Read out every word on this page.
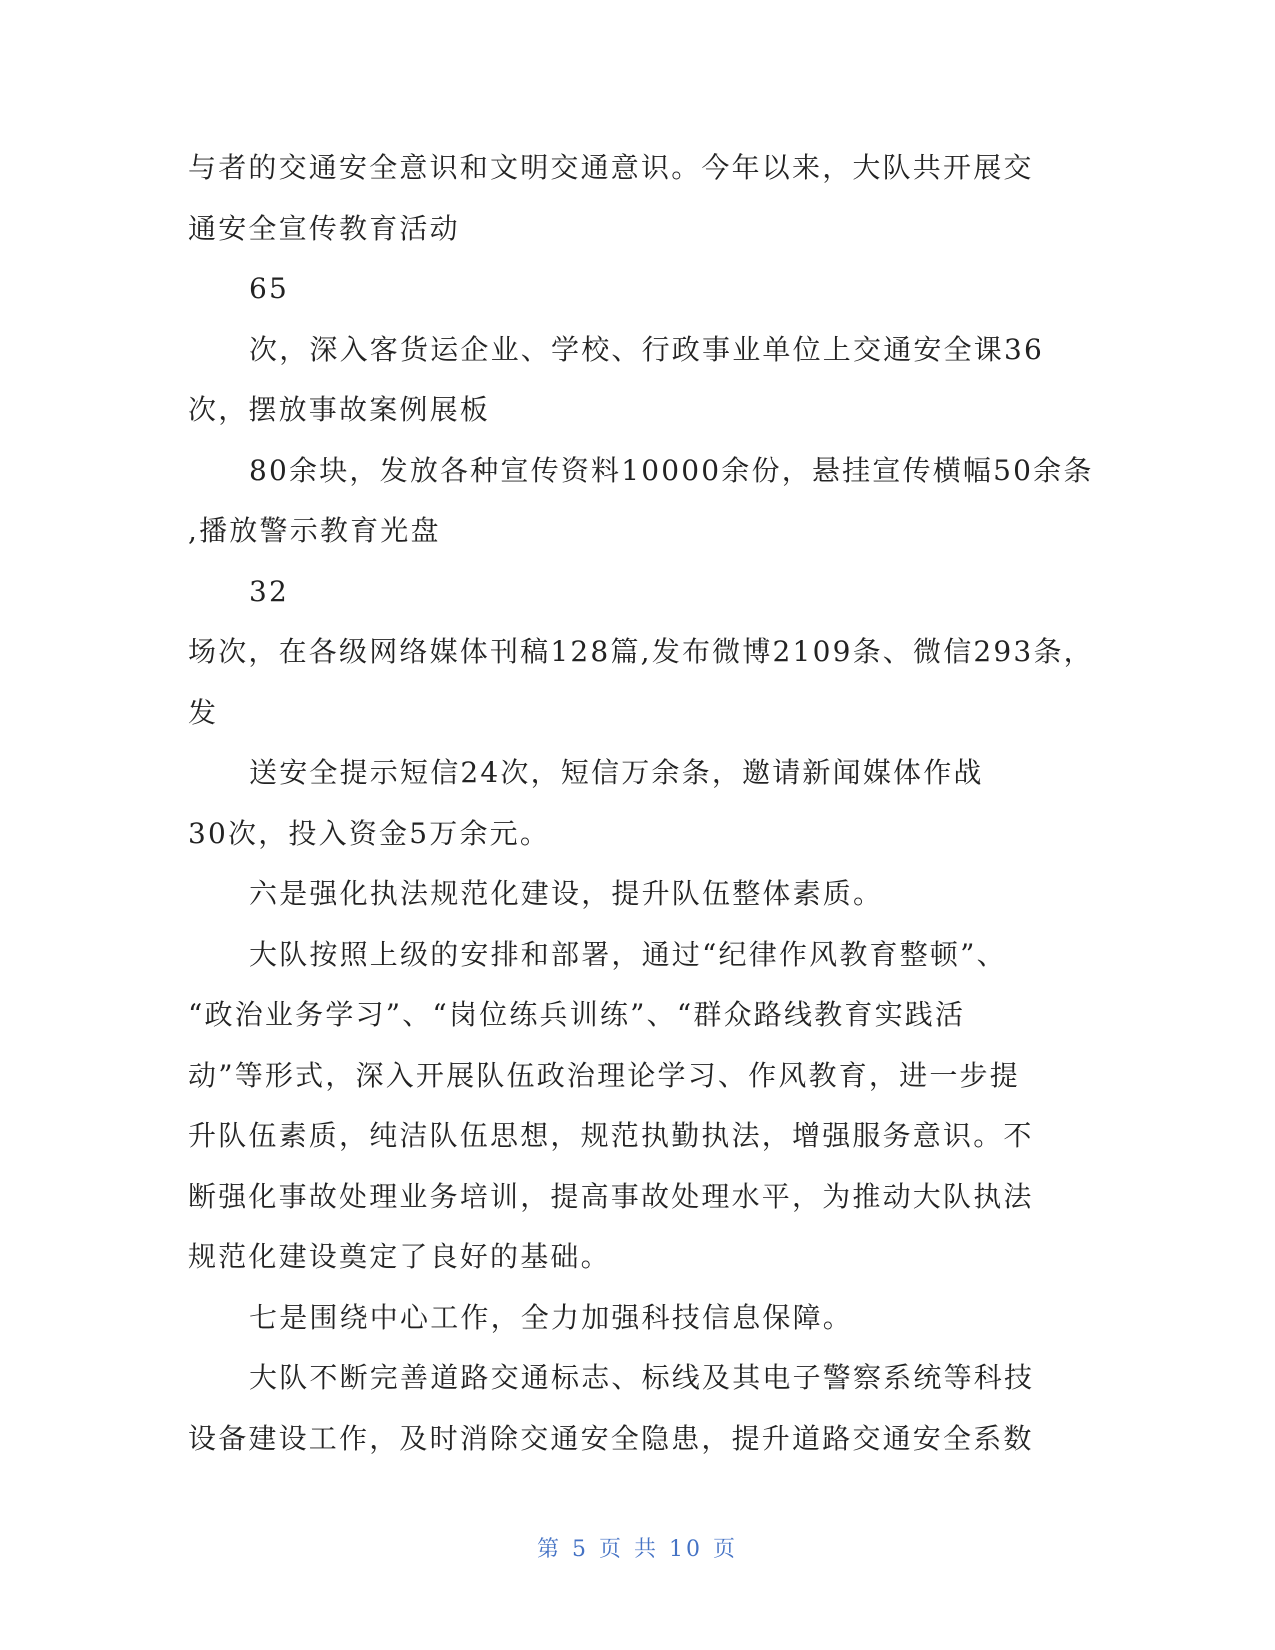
与者的交通安全意识和文明交通意识。今年以来，大队共开展交
通安全宣传教育活动
65
次，深入客货运企业、学校、行政事业单位上交通安全课36
次，摆放事故案例展板
80余块，发放各种宣传资料10000余份，悬挂宣传横幅50余条
,播放警示教育光盘
32
场次，在各级网络媒体刊稿128篇,发布微博2109条、微信293条，
发
送安全提示短信24次，短信万余条，邀请新闻媒体作战
30次，投入资金5万余元。
六是强化执法规范化建设，提升队伍整体素质。
大队按照上级的安排和部署，通过“纪律作风教育整顿”、
“政治业务学习”、“岗位练兵训练”、“群众路线教育实践活
动”等形式，深入开展队伍政治理论学习、作风教育，进一步提
升队伍素质，纯洁队伍思想，规范执勤执法，增强服务意识。不
断强化事故处理业务培训，提高事故处理水平，为推动大队执法
规范化建设奠定了良好的基础。
七是围绕中心工作，全力加强科技信息保障。
大队不断完善道路交通标志、标线及其电子警察系统等科技
设备建设工作，及时消除交通安全隐患，提升道路交通安全系数
第 5 页 共 10 页
